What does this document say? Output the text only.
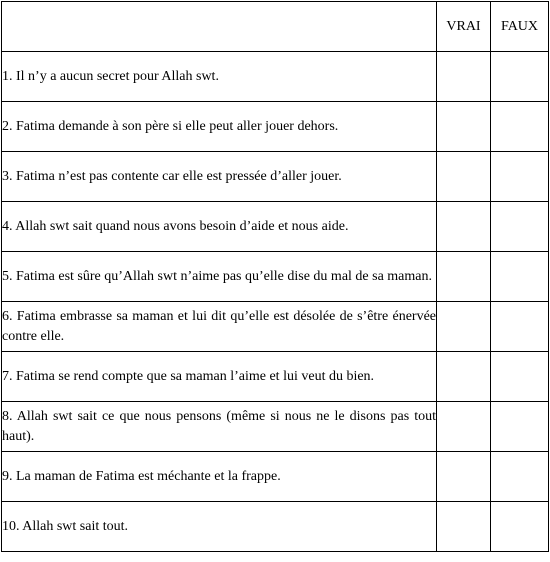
	VRAI	FAUX
1. Il n’y a aucun secret pour Allah swt.		
2. Fatima demande à son père si elle peut aller jouer dehors.		
3. Fatima n’est pas contente car elle est pressée d’aller jouer.		
4. Allah swt sait quand nous avons besoin d’aide et nous aide.		
5. Fatima est sûre qu’Allah swt n’aime pas qu’elle dise du mal de sa maman.		
6. Fatima embrasse sa maman et lui dit qu’elle est désolée de s’être énervée contre elle.		
7. Fatima se rend compte que sa maman l’aime et lui veut du bien.		
8. Allah swt sait ce que nous pensons (même si nous ne le disons pas tout haut).		
9. La maman de Fatima est méchante et la frappe.		
10. Allah swt sait tout.		
